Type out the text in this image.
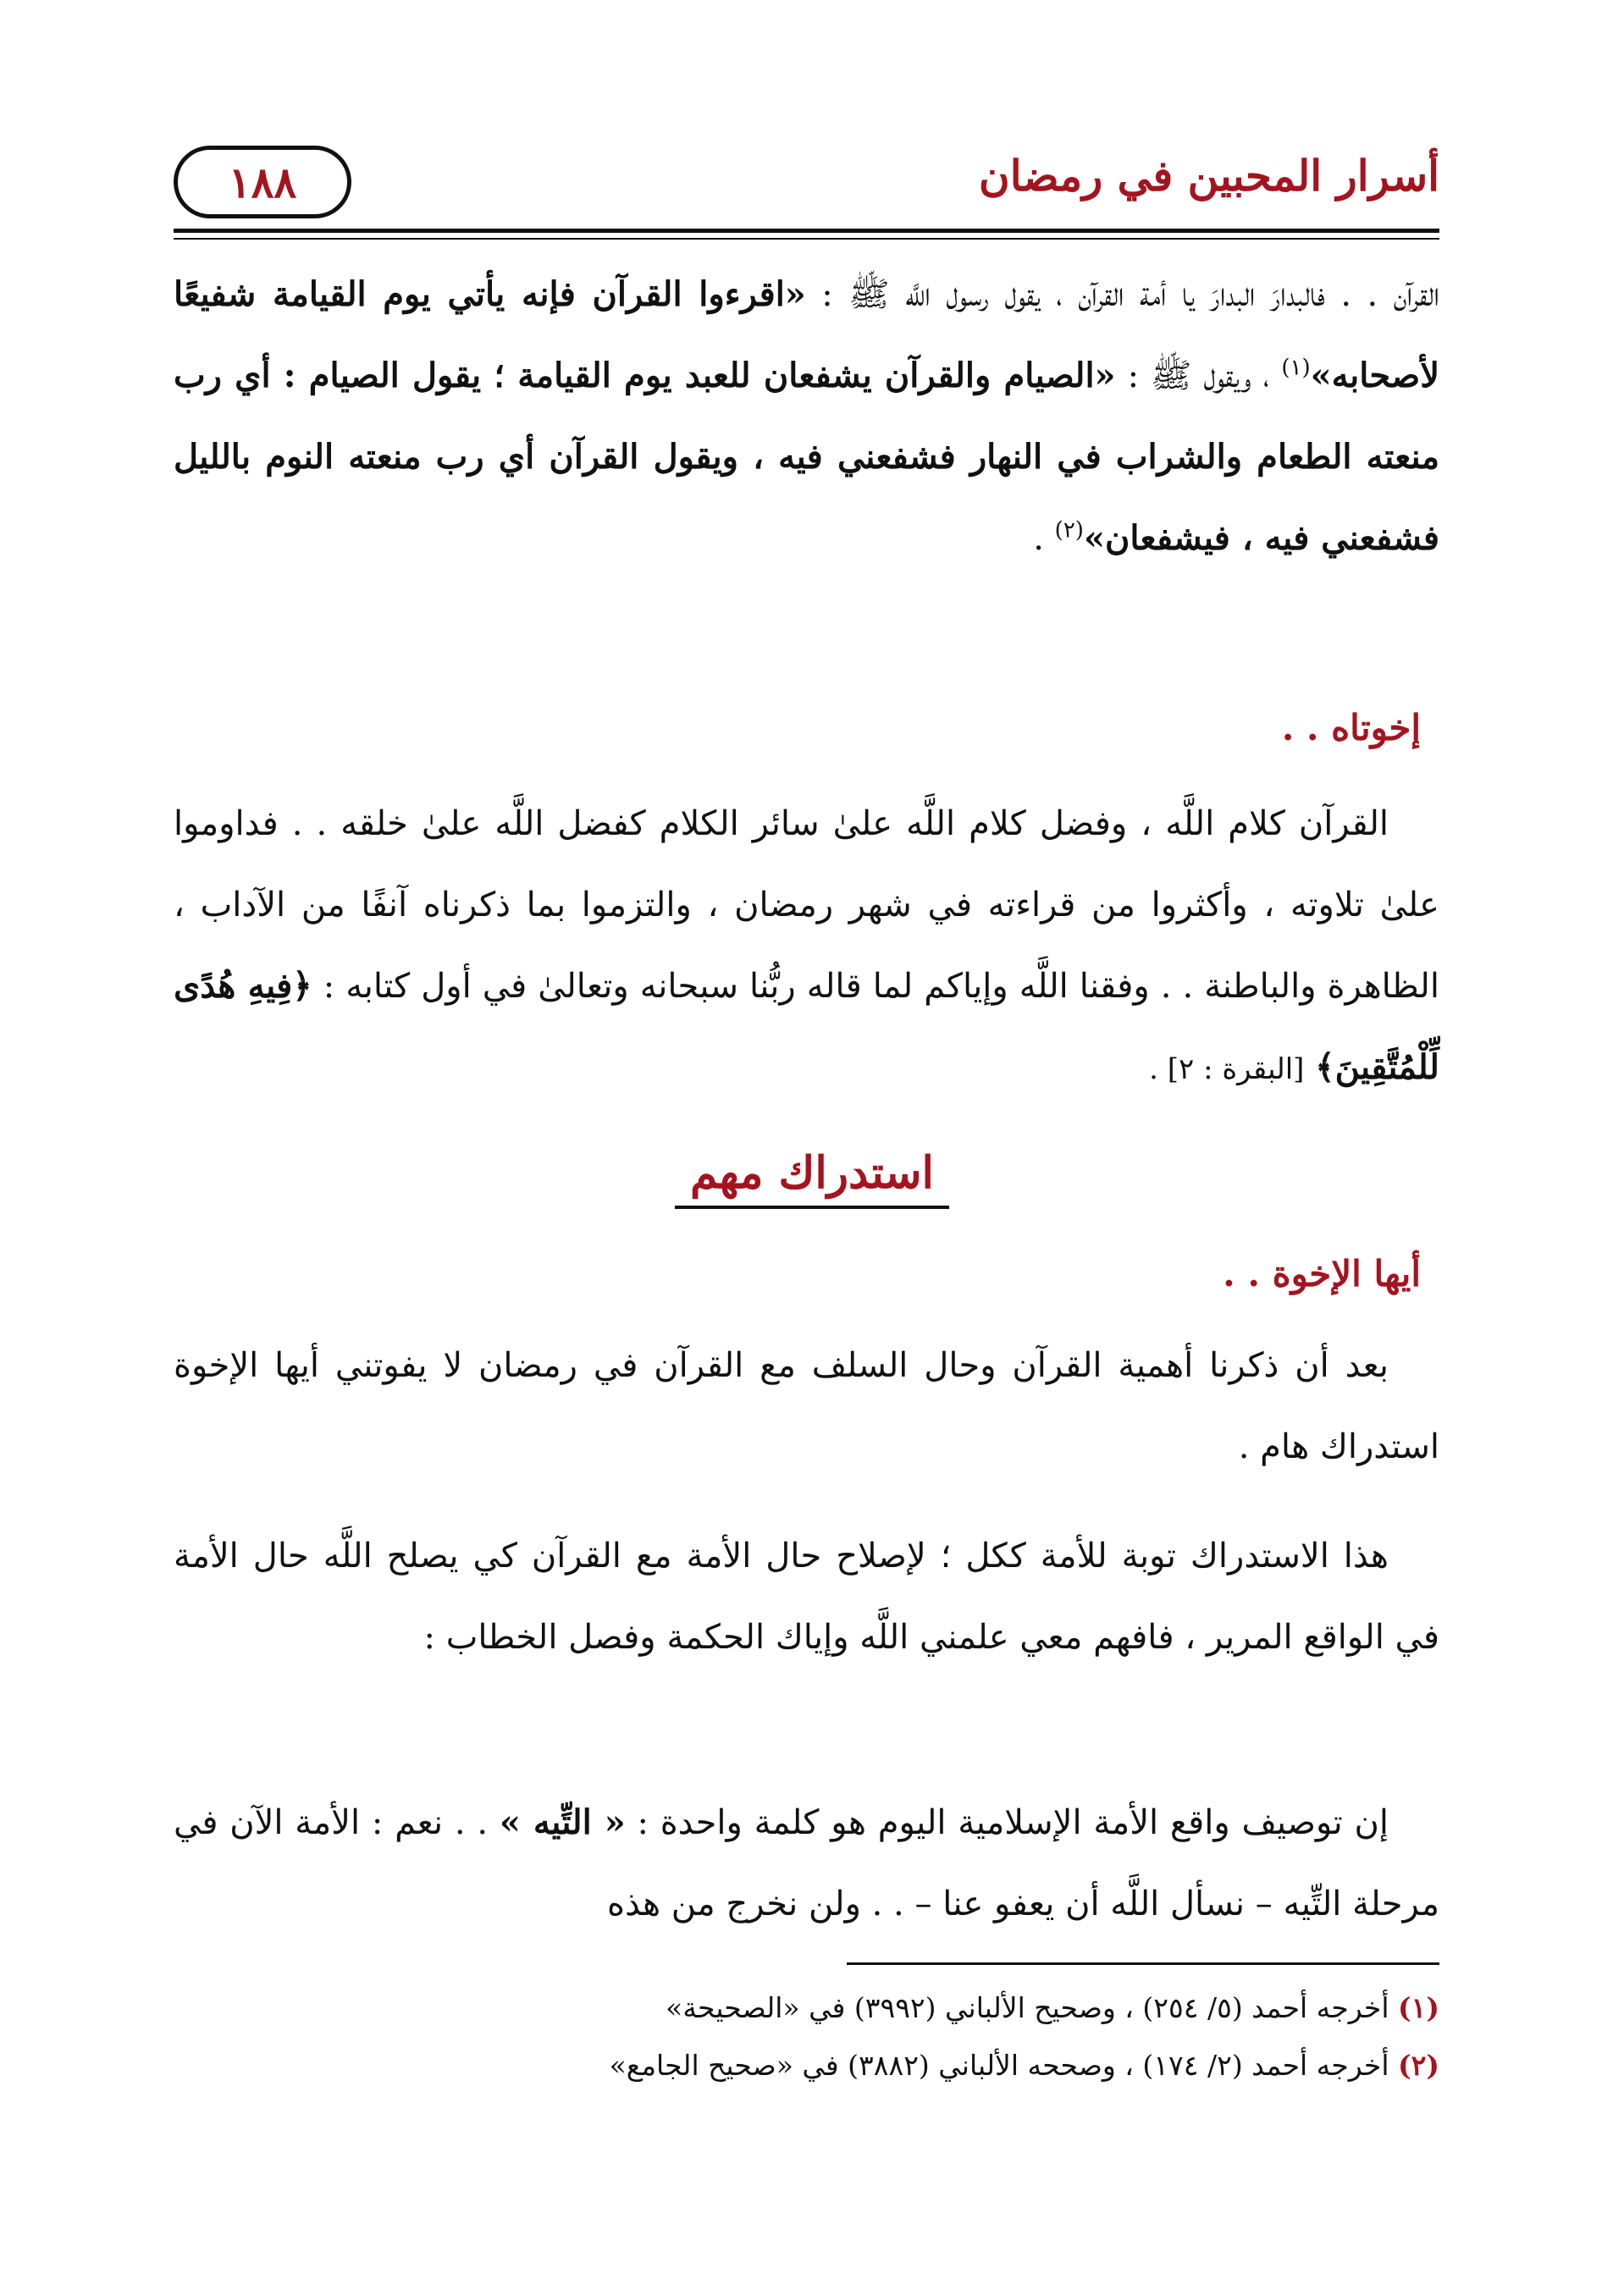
أسرار المحبين في رمضان
١٨٨
القرآن . . فالبدارَ البدارَ يا أمة القرآن ، يقول رسول اللَّه ﷺ : «اقرءوا القرآن فإنه يأتي يوم القيامة شفيعًا لأصحابه»$^{(١)}$ ، ويقول ﷺ : «الصيام والقرآن يشفعان للعبد يوم القيامة ؛ يقول الصيام : أي رب منعته الطعام والشراب في النهار فشفعني فيه ، ويقول القرآن أي رب منعته النوم بالليل فشفعني فيه ، فيشفعان»$^{(٢)}$ .
إخوتاه . .
القرآن كلام اللَّه ، وفضل كلام اللَّه علىٰ سائر الكلام كفضل اللَّه علىٰ خلقه . . فداوموا علىٰ تلاوته ، وأكثروا من قراءته في شهر رمضان ، والتزموا بما ذكرناه آنفًا من الآداب ، الظاهرة والباطنة . . وفقنا اللَّه وإياكم لما قاله ربُّنا سبحانه وتعالىٰ في أول كتابه : ﴿فِيهِ هُدًى لِّلْمُتَّقِينَ﴾ [البقرة : ٢] .
استدراك مهم
أيها الإخوة . .
بعد أن ذكرنا أهمية القرآن وحال السلف مع القرآن في رمضان لا يفوتني أيها الإخوة استدراك هام .
هذا الاستدراك توبة للأمة ككل ؛ لإصلاح حال الأمة مع القرآن كي يصلح اللَّه حال الأمة في الواقع المرير ، فافهم معي علمني اللَّه وإياك الحكمة وفصل الخطاب :
إن توصيف واقع الأمة الإسلامية اليوم هو كلمة واحدة : « التِّيه » . . نعم : الأمة الآن في مرحلة التِّيه – نسأل اللَّه أن يعفو عنا – . . ولن نخرج من هذه
(١) أخرجه أحمد (٥/ ٢٥٤) ، وصحيح الألباني (٣٩٩٢) في «الصحيحة»
(٢) أخرجه أحمد (٢/ ١٧٤) ، وصححه الألباني (٣٨٨٢) في «صحيح الجامع»
